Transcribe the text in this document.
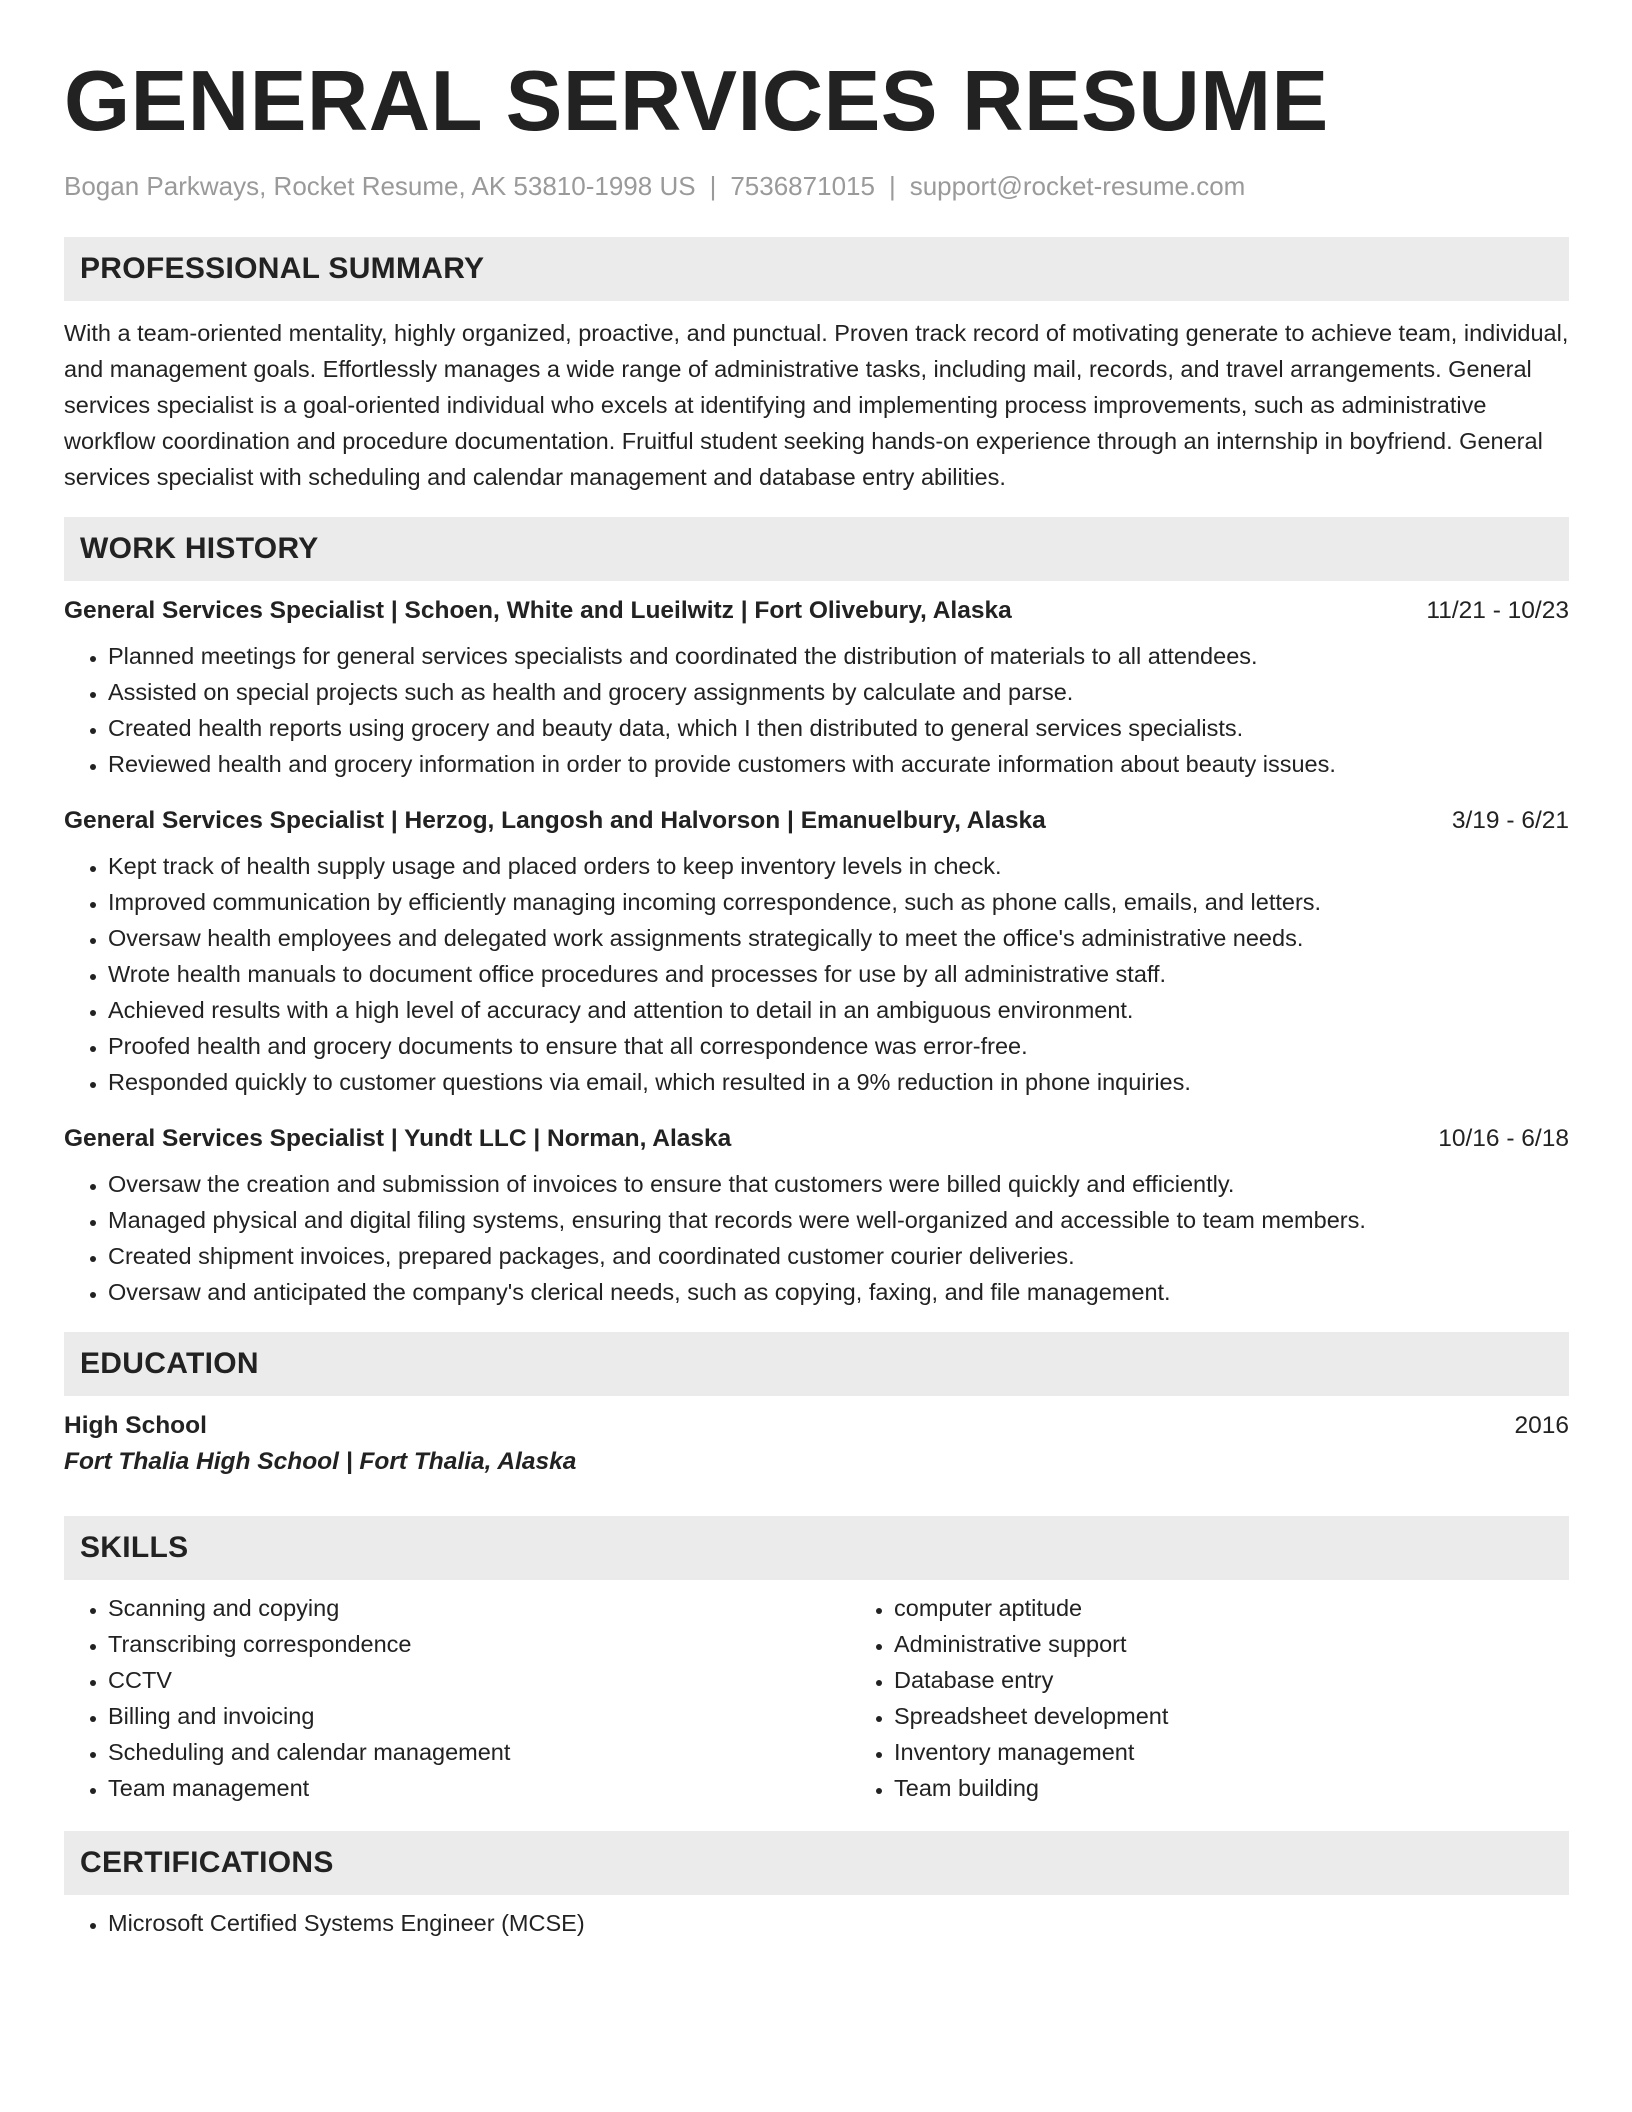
GENERAL SERVICES RESUME
Bogan Parkways, Rocket Resume, AK 53810-1998 US | 7536871015 | support@rocket-resume.com
PROFESSIONAL SUMMARY

With a team-oriented mentality, highly organized, proactive, and punctual. Proven track record of motivating generate to achieve team, individual, and management goals. Effortlessly manages a wide range of administrative tasks, including mail, records, and travel arrangements. General services specialist is a goal-oriented individual who excels at identifying and implementing process improvements, such as administrative workflow coordination and procedure documentation. Fruitful student seeking hands-on experience through an internship in boyfriend. General services specialist with scheduling and calendar management and database entry abilities.

WORK HISTORY
General Services Specialist | Schoen, White and Lueilwitz | Fort Olivebury, Alaska	11/21 - 10/23
• Planned meetings for general services specialists and coordinated the distribution of materials to all attendees.
• Assisted on special projects such as health and grocery assignments by calculate and parse.
• Created health reports using grocery and beauty data, which I then distributed to general services specialists.
• Reviewed health and grocery information in order to provide customers with accurate information about beauty issues.
General Services Specialist | Herzog, Langosh and Halvorson | Emanuelbury, Alaska	3/19 - 6/21
• Kept track of health supply usage and placed orders to keep inventory levels in check.
• Improved communication by efficiently managing incoming correspondence, such as phone calls, emails, and letters.
• Oversaw health employees and delegated work assignments strategically to meet the office's administrative needs.
• Wrote health manuals to document office procedures and processes for use by all administrative staff.
• Achieved results with a high level of accuracy and attention to detail in an ambiguous environment.
• Proofed health and grocery documents to ensure that all correspondence was error-free.
• Responded quickly to customer questions via email, which resulted in a 9% reduction in phone inquiries.
General Services Specialist | Yundt LLC | Norman, Alaska	10/16 - 6/18
• Oversaw the creation and submission of invoices to ensure that customers were billed quickly and efficiently.
• Managed physical and digital filing systems, ensuring that records were well-organized and accessible to team members.
• Created shipment invoices, prepared packages, and coordinated customer courier deliveries.
• Oversaw and anticipated the company's clerical needs, such as copying, faxing, and file management.
EDUCATION
High School	2016
Fort Thalia High School | Fort Thalia, Alaska
SKILLS
• Scanning and copying
• Transcribing correspondence
• CCTV
• Billing and invoicing
• Scheduling and calendar management
• Team management
• computer aptitude
• Administrative support
• Database entry
• Spreadsheet development
• Inventory management
• Team building
CERTIFICATIONS
• Microsoft Certified Systems Engineer (MCSE)
